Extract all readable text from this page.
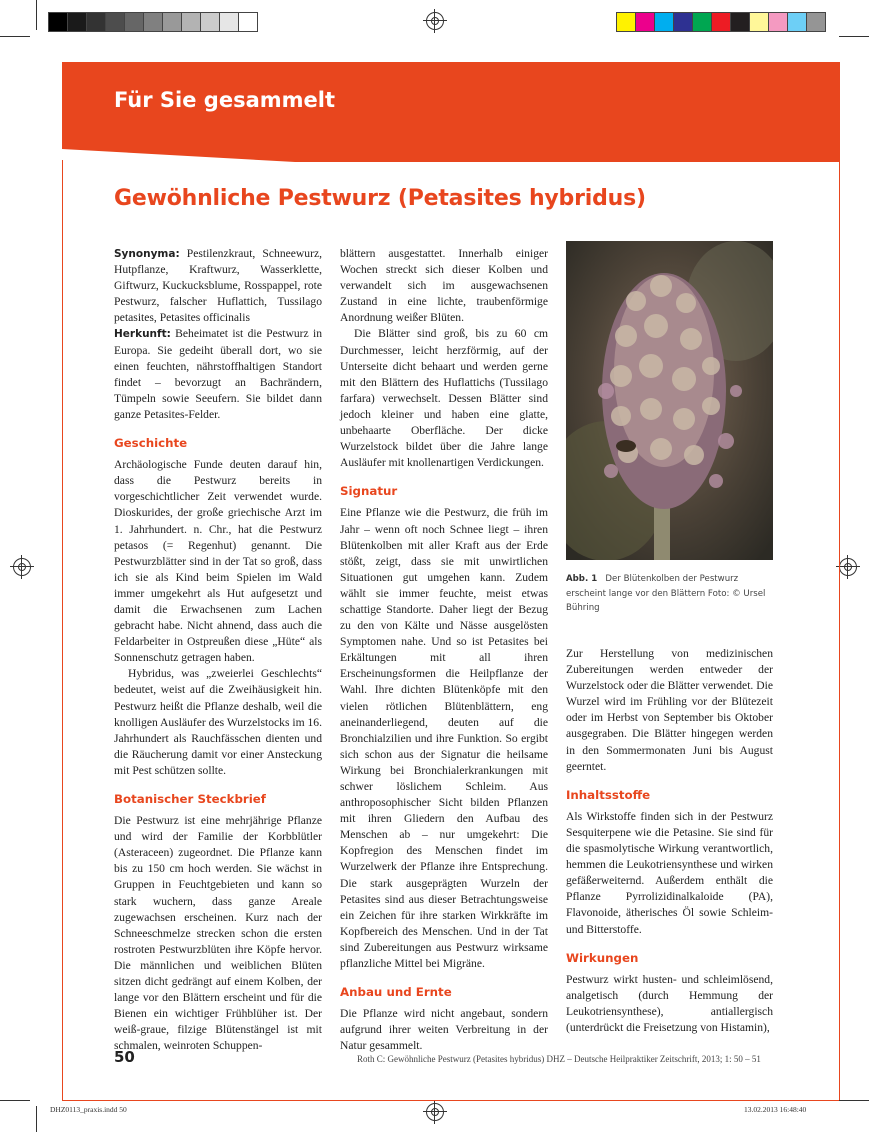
Für Sie gesammelt
Gewöhnliche Pestwurz (Petasites hybridus)

Synonyma: Pestilenzkraut, Schneewurz, Hutpflanze, Kraftwurz, Wasserklette, Giftwurz, Kuckucksblume, Rosspappel, rote Pestwurz, falscher Huflattich, Tussilago petasites, Petasites officinalis

Herkunft: Beheimatet ist die Pestwurz in Europa. Sie gedeiht überall dort, wo sie einen feuchten, nährstoffhaltigen Standort findet – bevorzugt an Bachrändern, Tümpeln sowie Seeufern. Sie bildet dann ganze Petasites-Felder.

Geschichte

Archäologische Funde deuten darauf hin, dass die Pestwurz bereits in vorgeschichtlicher Zeit verwendet wurde. Dioskurides, der große griechische Arzt im 1. Jahrhundert. n. Chr., hat die Pestwurz petasos (= Regenhut) genannt. Die Pestwurzblätter sind in der Tat so groß, dass ich sie als Kind beim Spielen im Wald immer umgekehrt als Hut aufgesetzt und damit die Erwachsenen zum Lachen gebracht habe. Nicht ahnend, dass auch die Feldarbeiter in Ostpreußen diese „Hüte“ als Sonnenschutz getragen haben.

Hybridus, was „zweierlei Geschlechts“ bedeutet, weist auf die Zweihäusigkeit hin. Pestwurz heißt die Pflanze deshalb, weil die knolligen Ausläufer des Wurzelstocks im 16. Jahrhundert als Rauchfässchen dienten und die Räucherung damit vor einer Ansteckung mit Pest schützen sollte.

Botanischer Steckbrief

Die Pestwurz ist eine mehrjährige Pflanze und wird der Familie der Korbblütler (Asteraceen) zugeordnet. Die Pflanze kann bis zu 150 cm hoch werden. Sie wächst in Gruppen in Feuchtgebieten und kann so stark wuchern, dass ganze Areale zugewachsen erscheinen. Kurz nach der Schneeschmelze strecken schon die ersten rostroten Pestwurzblüten ihre Köpfe hervor. Die männlichen und weiblichen Blüten sitzen dicht gedrängt auf einem Kolben, der lange vor den Blättern erscheint und für die Bienen ein wichtiger Frühblüher ist. Der weiß-graue, filzige Blütenstängel ist mit schmalen, weinroten Schuppen-

blättern ausgestattet. Innerhalb einiger Wochen streckt sich dieser Kolben und verwandelt sich im ausgewachsenen Zustand in eine lichte, traubenförmige Anordnung weißer Blüten.

Die Blätter sind groß, bis zu 60 cm Durchmesser, leicht herzförmig, auf der Unterseite dicht behaart und werden gerne mit den Blättern des Huflattichs (Tussilago farfara) verwechselt. Dessen Blätter sind jedoch kleiner und haben eine glatte, unbehaarte Oberfläche. Der dicke Wurzelstock bildet über die Jahre lange Ausläufer mit knollenartigen Verdickungen.

Signatur

Eine Pflanze wie die Pestwurz, die früh im Jahr – wenn oft noch Schnee liegt – ihren Blütenkolben mit aller Kraft aus der Erde stößt, zeigt, dass sie mit unwirtlichen Situationen gut umgehen kann. Zudem wählt sie immer feuchte, meist etwas schattige Standorte. Daher liegt der Bezug zu den von Kälte und Nässe ausgelösten Symptomen nahe. Und so ist Petasites bei Erkältungen mit all ihren Erscheinungsformen die Heilpflanze der Wahl. Ihre dichten Blütenköpfe mit den vielen rötlichen Blütenblättern, eng aneinanderliegend, deuten auf die Bronchialzilien und ihre Funktion. So ergibt sich schon aus der Signatur die heilsame Wirkung bei Bronchialerkrankungen mit schwer löslichem Schleim. Aus anthroposophischer Sicht bilden Pflanzen mit ihren Gliedern den Aufbau des Menschen ab – nur umgekehrt: Die Kopfregion des Menschen findet im Wurzelwerk der Pflanze ihre Entsprechung. Die stark ausgeprägten Wurzeln der Petasites sind aus dieser Betrachtungsweise ein Zeichen für ihre starken Wirkkräfte im Kopfbereich des Menschen. Und in der Tat sind Zubereitungen aus Pestwurz wirksame pflanzliche Mittel bei Migräne.

Anbau und Ernte

Die Pflanze wird nicht angebaut, sondern aufgrund ihrer weiten Verbreitung in der Natur gesammelt.

Abb. 1 Der Blütenkolben der Pestwurz erscheint lange vor den Blättern Foto: © Ursel Bühring

Zur Herstellung von medizinischen Zubereitungen werden entweder der Wurzelstock oder die Blätter verwendet. Die Wurzel wird im Frühling vor der Blütezeit oder im Herbst von September bis Oktober ausgegraben. Die Blätter hingegen werden in den Sommermonaten Juni bis August geerntet.

Inhaltsstoffe

Als Wirkstoffe finden sich in der Pestwurz Sesquiterpene wie die Petasine. Sie sind für die spasmolytische Wirkung verantwortlich, hemmen die Leukotriensynthese und wirken gefäßerweiternd. Außerdem enthält die Pflanze Pyrrolizidinalkaloide (PA), Flavonoide, ätherisches Öl sowie Schleim- und Bitterstoffe.

Wirkungen

Pestwurz wirkt husten- und schleimlösend, analgetisch (durch Hemmung der Leukotriensynthese), antiallergisch (unterdrückt die Freisetzung von Histamin),

50	Roth C: Gewöhnliche Pestwurz (Petasites hybridus) DHZ – Deutsche Heilpraktiker Zeitschrift, 2013; 1: 50 – 51
DHZ0113_praxis.indd 50	13.02.2013 16:48:40
